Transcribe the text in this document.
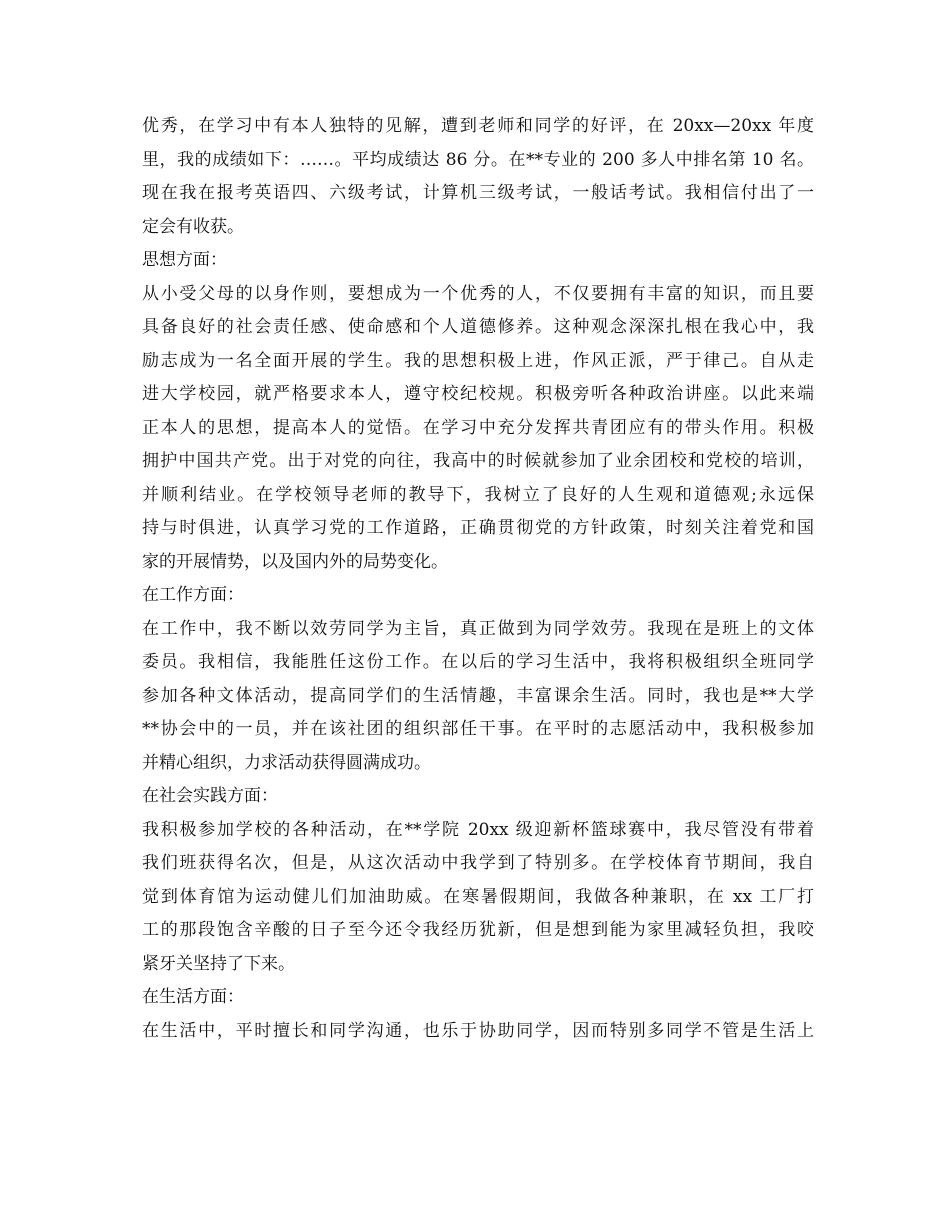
优秀，在学习中有本人独特的见解，遭到老师和同学的好评，在 20xx—20xx 年度
里，我的成绩如下：……。平均成绩达 86 分。在**专业的 200 多人中排名第 10 名。
现在我在报考英语四、六级考试，计算机三级考试，一般话考试。我相信付出了一
定会有收获。
思想方面：
从小受父母的以身作则，要想成为一个优秀的人，不仅要拥有丰富的知识，而且要
具备良好的社会责任感、使命感和个人道德修养。这种观念深深扎根在我心中，我
励志成为一名全面开展的学生。我的思想积极上进，作风正派，严于律己。自从走
进大学校园，就严格要求本人，遵守校纪校规。积极旁听各种政治讲座。以此来端
正本人的思想，提高本人的觉悟。在学习中充分发挥共青团应有的带头作用。积极
拥护中国共产党。出于对党的向往，我高中的时候就参加了业余团校和党校的培训，
并顺利结业。在学校领导老师的教导下，我树立了良好的人生观和道德观;永远保
持与时俱进，认真学习党的工作道路，正确贯彻党的方针政策，时刻关注着党和国
家的开展情势，以及国内外的局势变化。
在工作方面：
在工作中，我不断以效劳同学为主旨，真正做到为同学效劳。我现在是班上的文体
委员。我相信，我能胜任这份工作。在以后的学习生活中，我将积极组织全班同学
参加各种文体活动，提高同学们的生活情趣，丰富课余生活。同时，我也是**大学
**协会中的一员，并在该社团的组织部任干事。在平时的志愿活动中，我积极参加
并精心组织，力求活动获得圆满成功。
在社会实践方面：
我积极参加学校的各种活动，在**学院 20xx 级迎新杯篮球赛中，我尽管没有带着
我们班获得名次，但是，从这次活动中我学到了特别多。在学校体育节期间，我自
觉到体育馆为运动健儿们加油助威。在寒暑假期间，我做各种兼职，在 xx 工厂打
工的那段饱含辛酸的日子至今还令我经历犹新，但是想到能为家里减轻负担，我咬
紧牙关坚持了下来。
在生活方面：
在生活中，平时擅长和同学沟通，也乐于协助同学，因而特别多同学不管是生活上
